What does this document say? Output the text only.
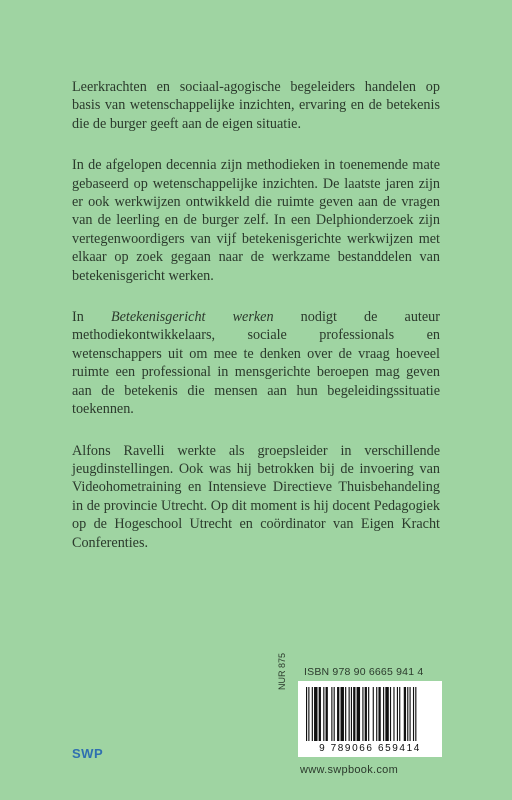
Leerkrachten en sociaal-agogische begeleiders handelen op basis van wetenschappelijke inzichten, ervaring en de betekenis die de burger geeft aan de eigen situatie.

In de afgelopen decennia zijn methodieken in toenemende mate gebaseerd op wetenschappelijke inzichten. De laatste jaren zijn er ook werkwijzen ontwikkeld die ruimte geven aan de vragen van de leerling en de burger zelf. In een Delphionderzoek zijn vertegenwoordigers van vijf betekenisgerichte werkwijzen met elkaar op zoek gegaan naar de werkzame bestanddelen van betekenisgericht werken.

In Betekenisgericht werken nodigt de auteur methodiekontwikkelaars, sociale professionals en wetenschappers uit om mee te denken over de vraag hoeveel ruimte een professional in mensgerichte beroepen mag geven aan de betekenis die mensen aan hun begeleidingssituatie toekennen.

Alfons Ravelli werkte als groepsleider in verschillende jeugdinstellingen. Ook was hij betrokken bij de invoering van Videohometraining en Intensieve Directieve Thuisbehandeling in de provincie Utrecht. Op dit moment is hij docent Pedagogiek op de Hogeschool Utrecht en coördinator van Eigen Kracht Conferenties.

SWP
ISBN 978 90 6665 941 4
NUR 875
9 789066 659414
www.swpbook.com
